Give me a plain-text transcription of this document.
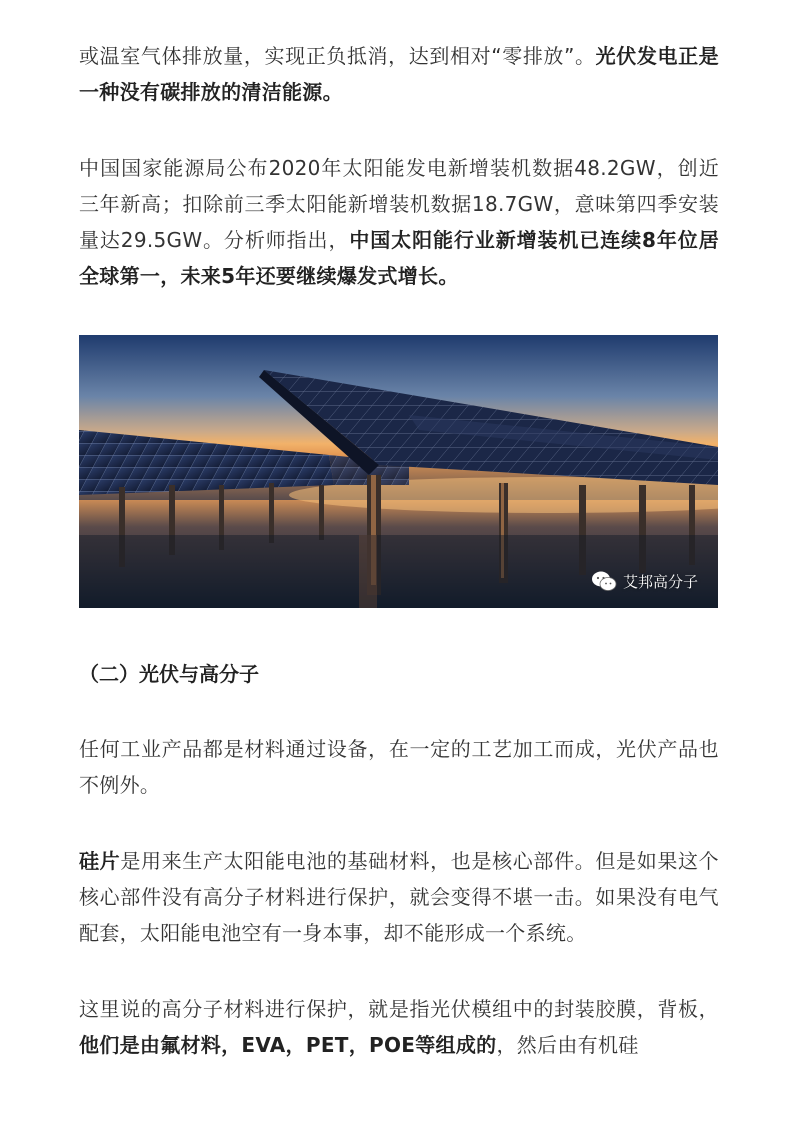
或温室气体排放量，实现正负抵消，达到相对“零排放”。光伏发电正是一种没有碳排放的清洁能源。

中国国家能源局公布2020年太阳能发电新增装机数据48.2GW，创近三年新高；扣除前三季太阳能新增装机数据18.7GW，意味第四季安装量达29.5GW。分析师指出，中国太阳能行业新增装机已连续8年位居全球第一，未来5年还要继续爆发式增长。

艾邦高分子
（二）光伏与高分子

任何工业产品都是材料通过设备，在一定的工艺加工而成，光伏产品也不例外。

硅片是用来生产太阳能电池的基础材料，也是核心部件。但是如果这个核心部件没有高分子材料进行保护，就会变得不堪一击。如果没有电气配套，太阳能电池空有一身本事，却不能形成一个系统。

这里说的高分子材料进行保护，就是指光伏模组中的封装胶膜，背板，他们是由氟材料，EVA，PET，POE等组成的，然后由有机硅
